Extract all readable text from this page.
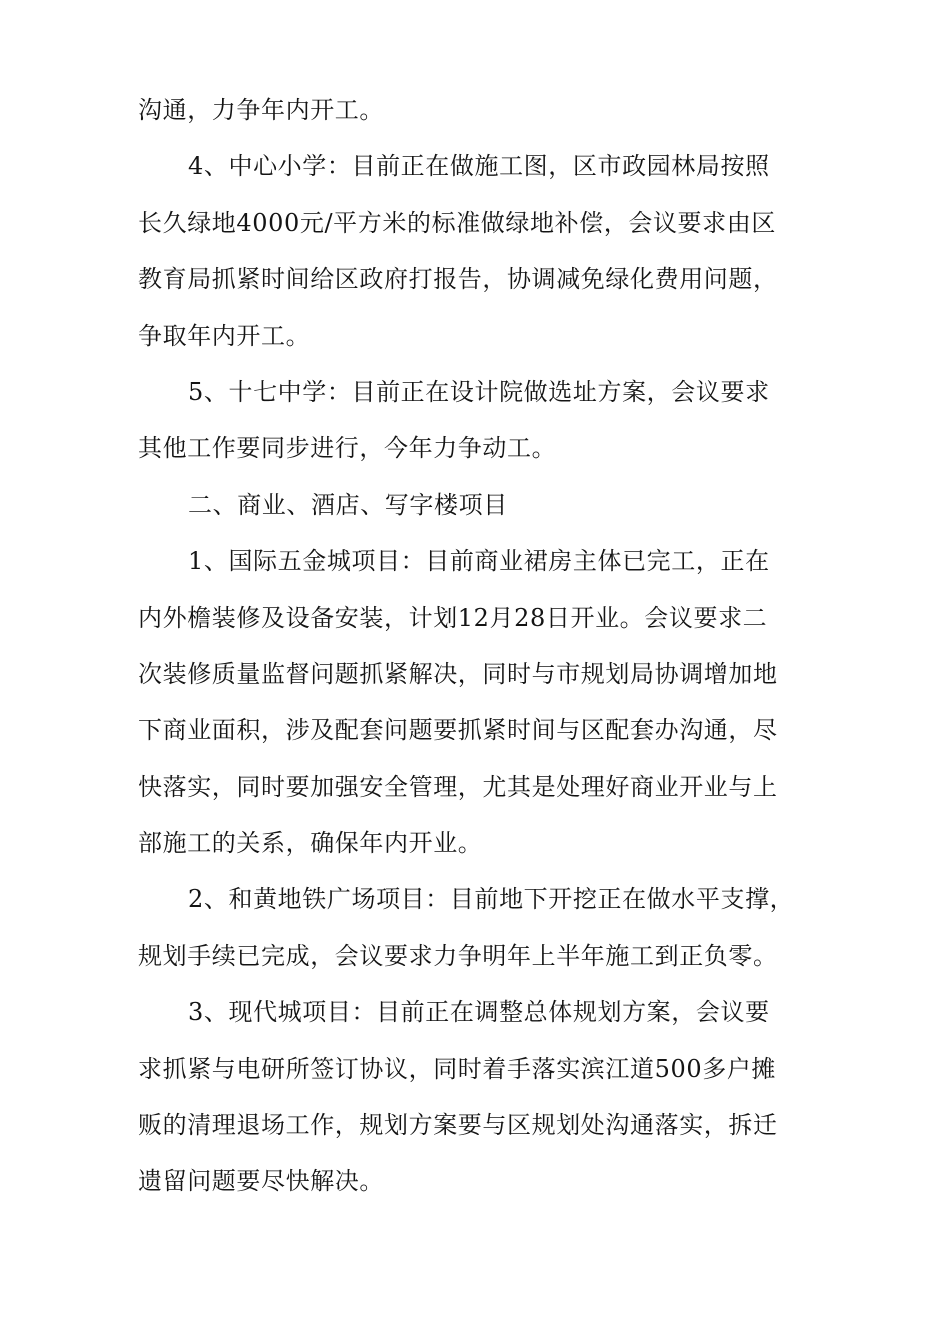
沟通，力争年内开工。
4、中心小学：目前正在做施工图，区市政园林局按照
长久绿地4000元/平方米的标准做绿地补偿，会议要求由区
教育局抓紧时间给区政府打报告，协调减免绿化费用问题，
争取年内开工。
5、十七中学：目前正在设计院做选址方案，会议要求
其他工作要同步进行，今年力争动工。
二、商业、酒店、写字楼项目
1、国际五金城项目：目前商业裙房主体已完工，正在
内外檐装修及设备安装，计划12月28日开业。会议要求二
次装修质量监督问题抓紧解决，同时与市规划局协调增加地
下商业面积，涉及配套问题要抓紧时间与区配套办沟通，尽
快落实，同时要加强安全管理，尤其是处理好商业开业与上
部施工的关系，确保年内开业。
2、和黄地铁广场项目：目前地下开挖正在做水平支撑，
规划手续已完成，会议要求力争明年上半年施工到正负零。
3、现代城项目：目前正在调整总体规划方案，会议要
求抓紧与电研所签订协议，同时着手落实滨江道500多户摊
贩的清理退场工作，规划方案要与区规划处沟通落实，拆迁
遗留问题要尽快解决。
